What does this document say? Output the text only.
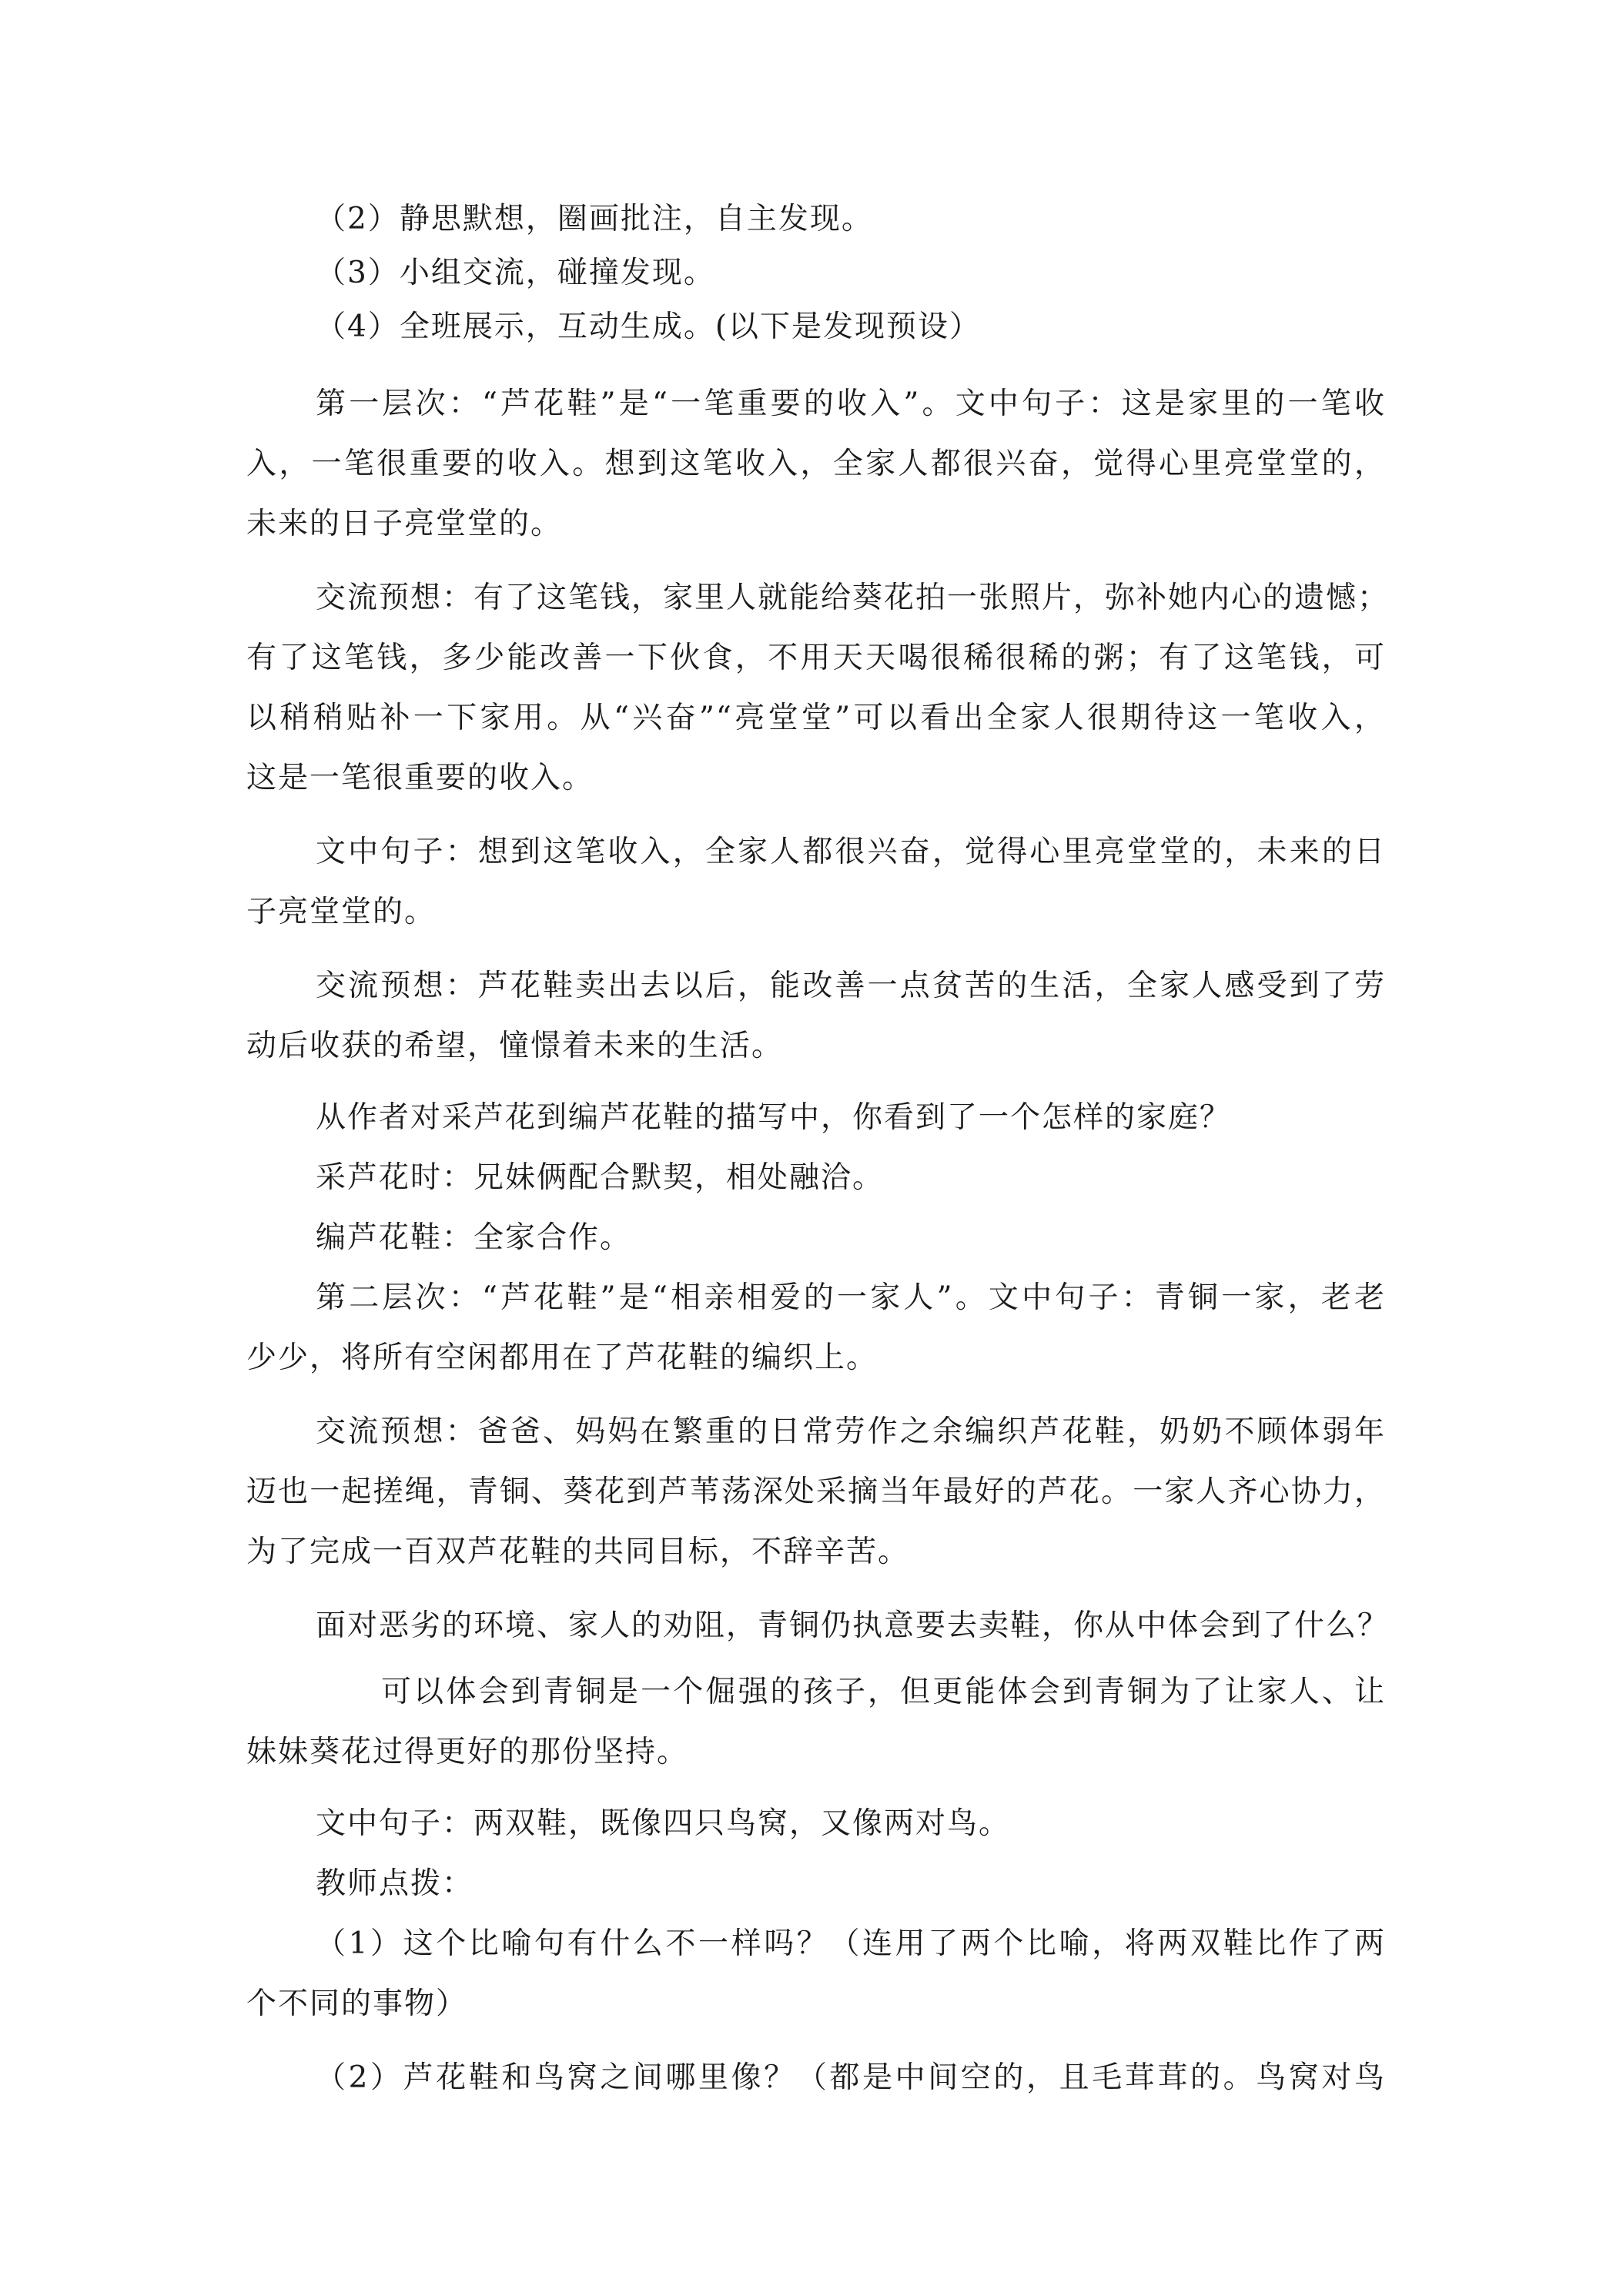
（2）静思默想，圈画批注，自主发现。
（3）小组交流，碰撞发现。
（4）全班展示，互动生成。(以下是发现预设）
第一层次：“芦花鞋”是“一笔重要的收入”。文中句子：这是家里的一笔收
入，一笔很重要的收入。想到这笔收入，全家人都很兴奋，觉得心里亮堂堂的，
未来的日子亮堂堂的。
交流预想：有了这笔钱，家里人就能给葵花拍一张照片，弥补她内心的遗憾；
有了这笔钱，多少能改善一下伙食，不用天天喝很稀很稀的粥；有了这笔钱，可
以稍稍贴补一下家用。从“兴奋”“亮堂堂”可以看出全家人很期待这一笔收入，
这是一笔很重要的收入。
文中句子：想到这笔收入，全家人都很兴奋，觉得心里亮堂堂的，未来的日
子亮堂堂的。
交流预想：芦花鞋卖出去以后，能改善一点贫苦的生活，全家人感受到了劳
动后收获的希望，憧憬着未来的生活。
从作者对采芦花到编芦花鞋的描写中，你看到了一个怎样的家庭？
采芦花时：兄妹俩配合默契，相处融洽。
编芦花鞋：全家合作。
第二层次：“芦花鞋”是“相亲相爱的一家人”。文中句子：青铜一家，老老
少少，将所有空闲都用在了芦花鞋的编织上。
交流预想：爸爸、妈妈在繁重的日常劳作之余编织芦花鞋，奶奶不顾体弱年
迈也一起搓绳，青铜、葵花到芦苇荡深处采摘当年最好的芦花。一家人齐心协力，
为了完成一百双芦花鞋的共同目标，不辞辛苦。
面对恶劣的环境、家人的劝阻，青铜仍执意要去卖鞋，你从中体会到了什么？
可以体会到青铜是一个倔强的孩子，但更能体会到青铜为了让家人、让
妹妹葵花过得更好的那份坚持。
文中句子：两双鞋，既像四只鸟窝，又像两对鸟。
教师点拨：
（1）这个比喻句有什么不一样吗？（连用了两个比喻，将两双鞋比作了两
个不同的事物）
（2）芦花鞋和鸟窝之间哪里像？（都是中间空的，且毛茸茸的。鸟窝对鸟
